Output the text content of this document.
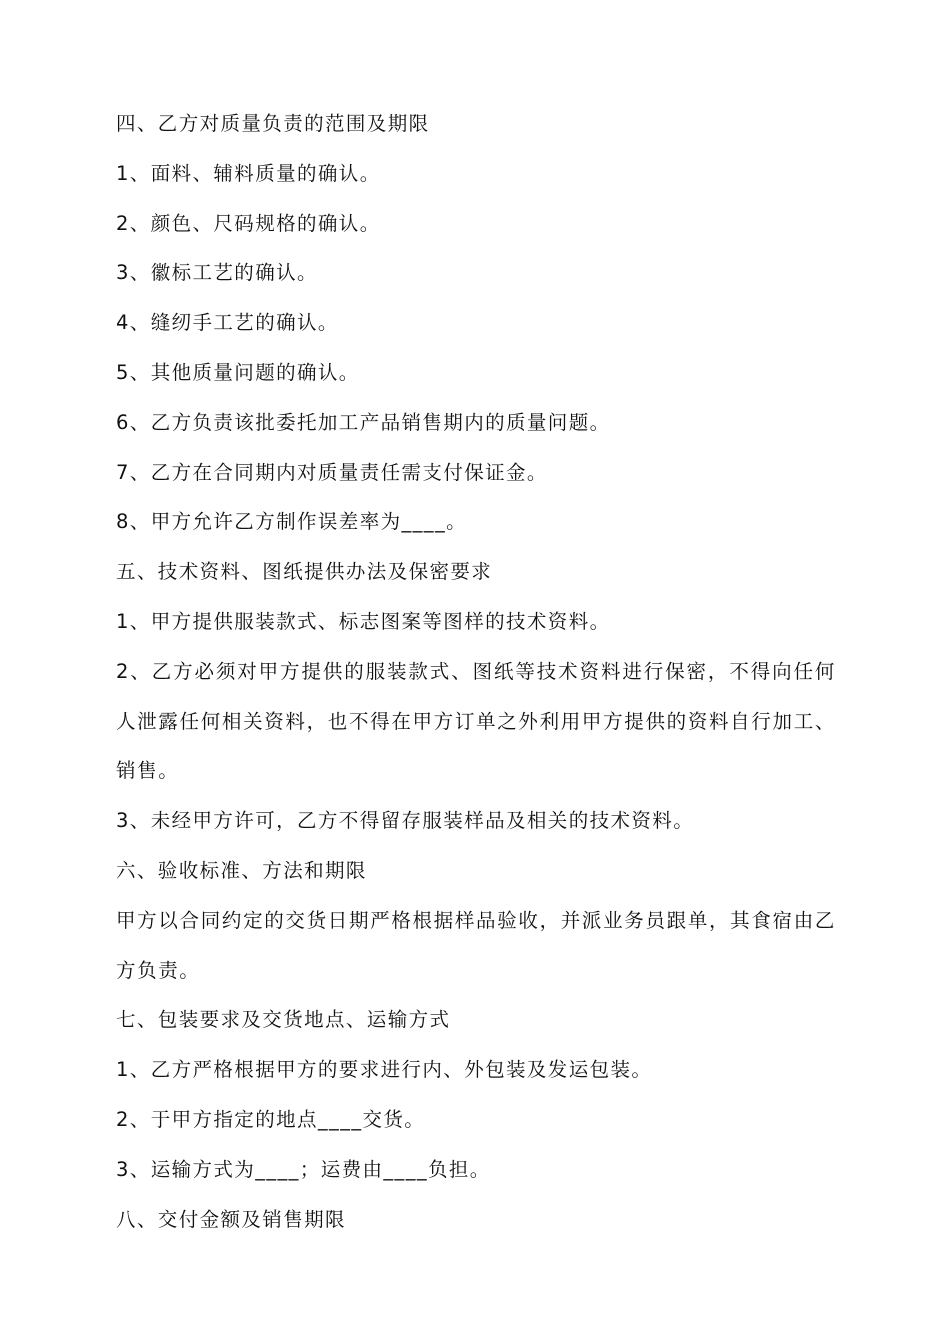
四、乙方对质量负责的范围及期限
1、面料、辅料质量的确认。
2、颜色、尺码规格的确认。
3、徽标工艺的确认。
4、缝纫手工艺的确认。
5、其他质量问题的确认。
6、乙方负责该批委托加工产品销售期内的质量问题。
7、乙方在合同期内对质量责任需支付保证金。
8、甲方允许乙方制作误差率为____。
五、技术资料、图纸提供办法及保密要求
1、甲方提供服装款式、标志图案等图样的技术资料。
2、乙方必须对甲方提供的服装款式、图纸等技术资料进行保密，不得向任何人泄露任何相关资料，也不得在甲方订单之外利用甲方提供的资料自行加工、销售。
3、未经甲方许可，乙方不得留存服装样品及相关的技术资料。
六、验收标准、方法和期限
甲方以合同约定的交货日期严格根据样品验收，并派业务员跟单，其食宿由乙方负责。
七、包装要求及交货地点、运输方式
1、乙方严格根据甲方的要求进行内、外包装及发运包装。
2、于甲方指定的地点____交货。
3、运输方式为____；运费由____负担。
八、交付金额及销售期限
